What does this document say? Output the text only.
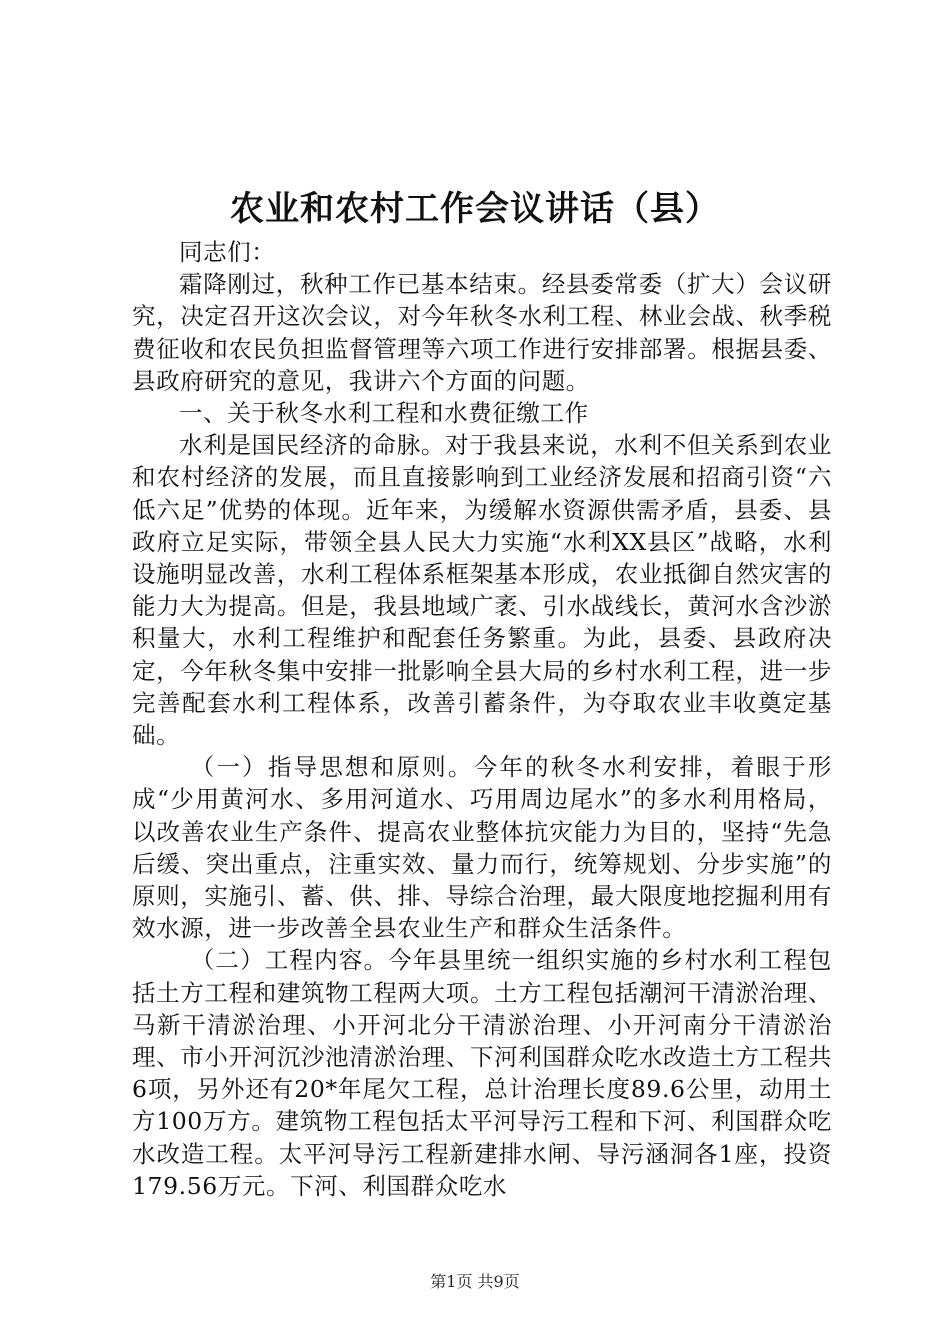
农业和农村工作会议讲话（县）

同志们：

霜降刚过，秋种工作已基本结束。经县委常委（扩大）会议研究，决定召开这次会议，对今年秋冬水利工程、林业会战、秋季税费征收和农民负担监督管理等六项工作进行安排部署。根据县委、县政府研究的意见，我讲六个方面的问题。

一、关于秋冬水利工程和水费征缴工作

水利是国民经济的命脉。对于我县来说，水利不但关系到农业和农村经济的发展，而且直接影响到工业经济发展和招商引资“六低六足”优势的体现。近年来，为缓解水资源供需矛盾，县委、县政府立足实际，带领全县人民大力实施“水利XX县区”战略，水利设施明显改善，水利工程体系框架基本形成，农业抵御自然灾害的能力大为提高。但是，我县地域广袤、引水战线长，黄河水含沙淤积量大，水利工程维护和配套任务繁重。为此，县委、县政府决定，今年秋冬集中安排一批影响全县大局的乡村水利工程，进一步完善配套水利工程体系，改善引蓄条件，为夺取农业丰收奠定基础。

（一）指导思想和原则。今年的秋冬水利安排，着眼于形成“少用黄河水、多用河道水、巧用周边尾水”的多水利用格局，以改善农业生产条件、提高农业整体抗灾能力为目的，坚持“先急后缓、突出重点，注重实效、量力而行，统筹规划、分步实施”的原则，实施引、蓄、供、排、导综合治理，最大限度地挖掘利用有效水源，进一步改善全县农业生产和群众生活条件。

（二）工程内容。今年县里统一组织实施的乡村水利工程包括土方工程和建筑物工程两大项。土方工程包括潮河干清淤治理、马新干清淤治理、小开河北分干清淤治理、小开河南分干清淤治理、市小开河沉沙池清淤治理、下河利国群众吃水改造土方工程共6项，另外还有20*年尾欠工程，总计治理长度89.6公里，动用土方100万方。建筑物工程包括太平河导污工程和下河、利国群众吃水改造工程。太平河导污工程新建排水闸、导污涵洞各1座，投资179.56万元。下河、利国群众吃水

第1页 共9页
